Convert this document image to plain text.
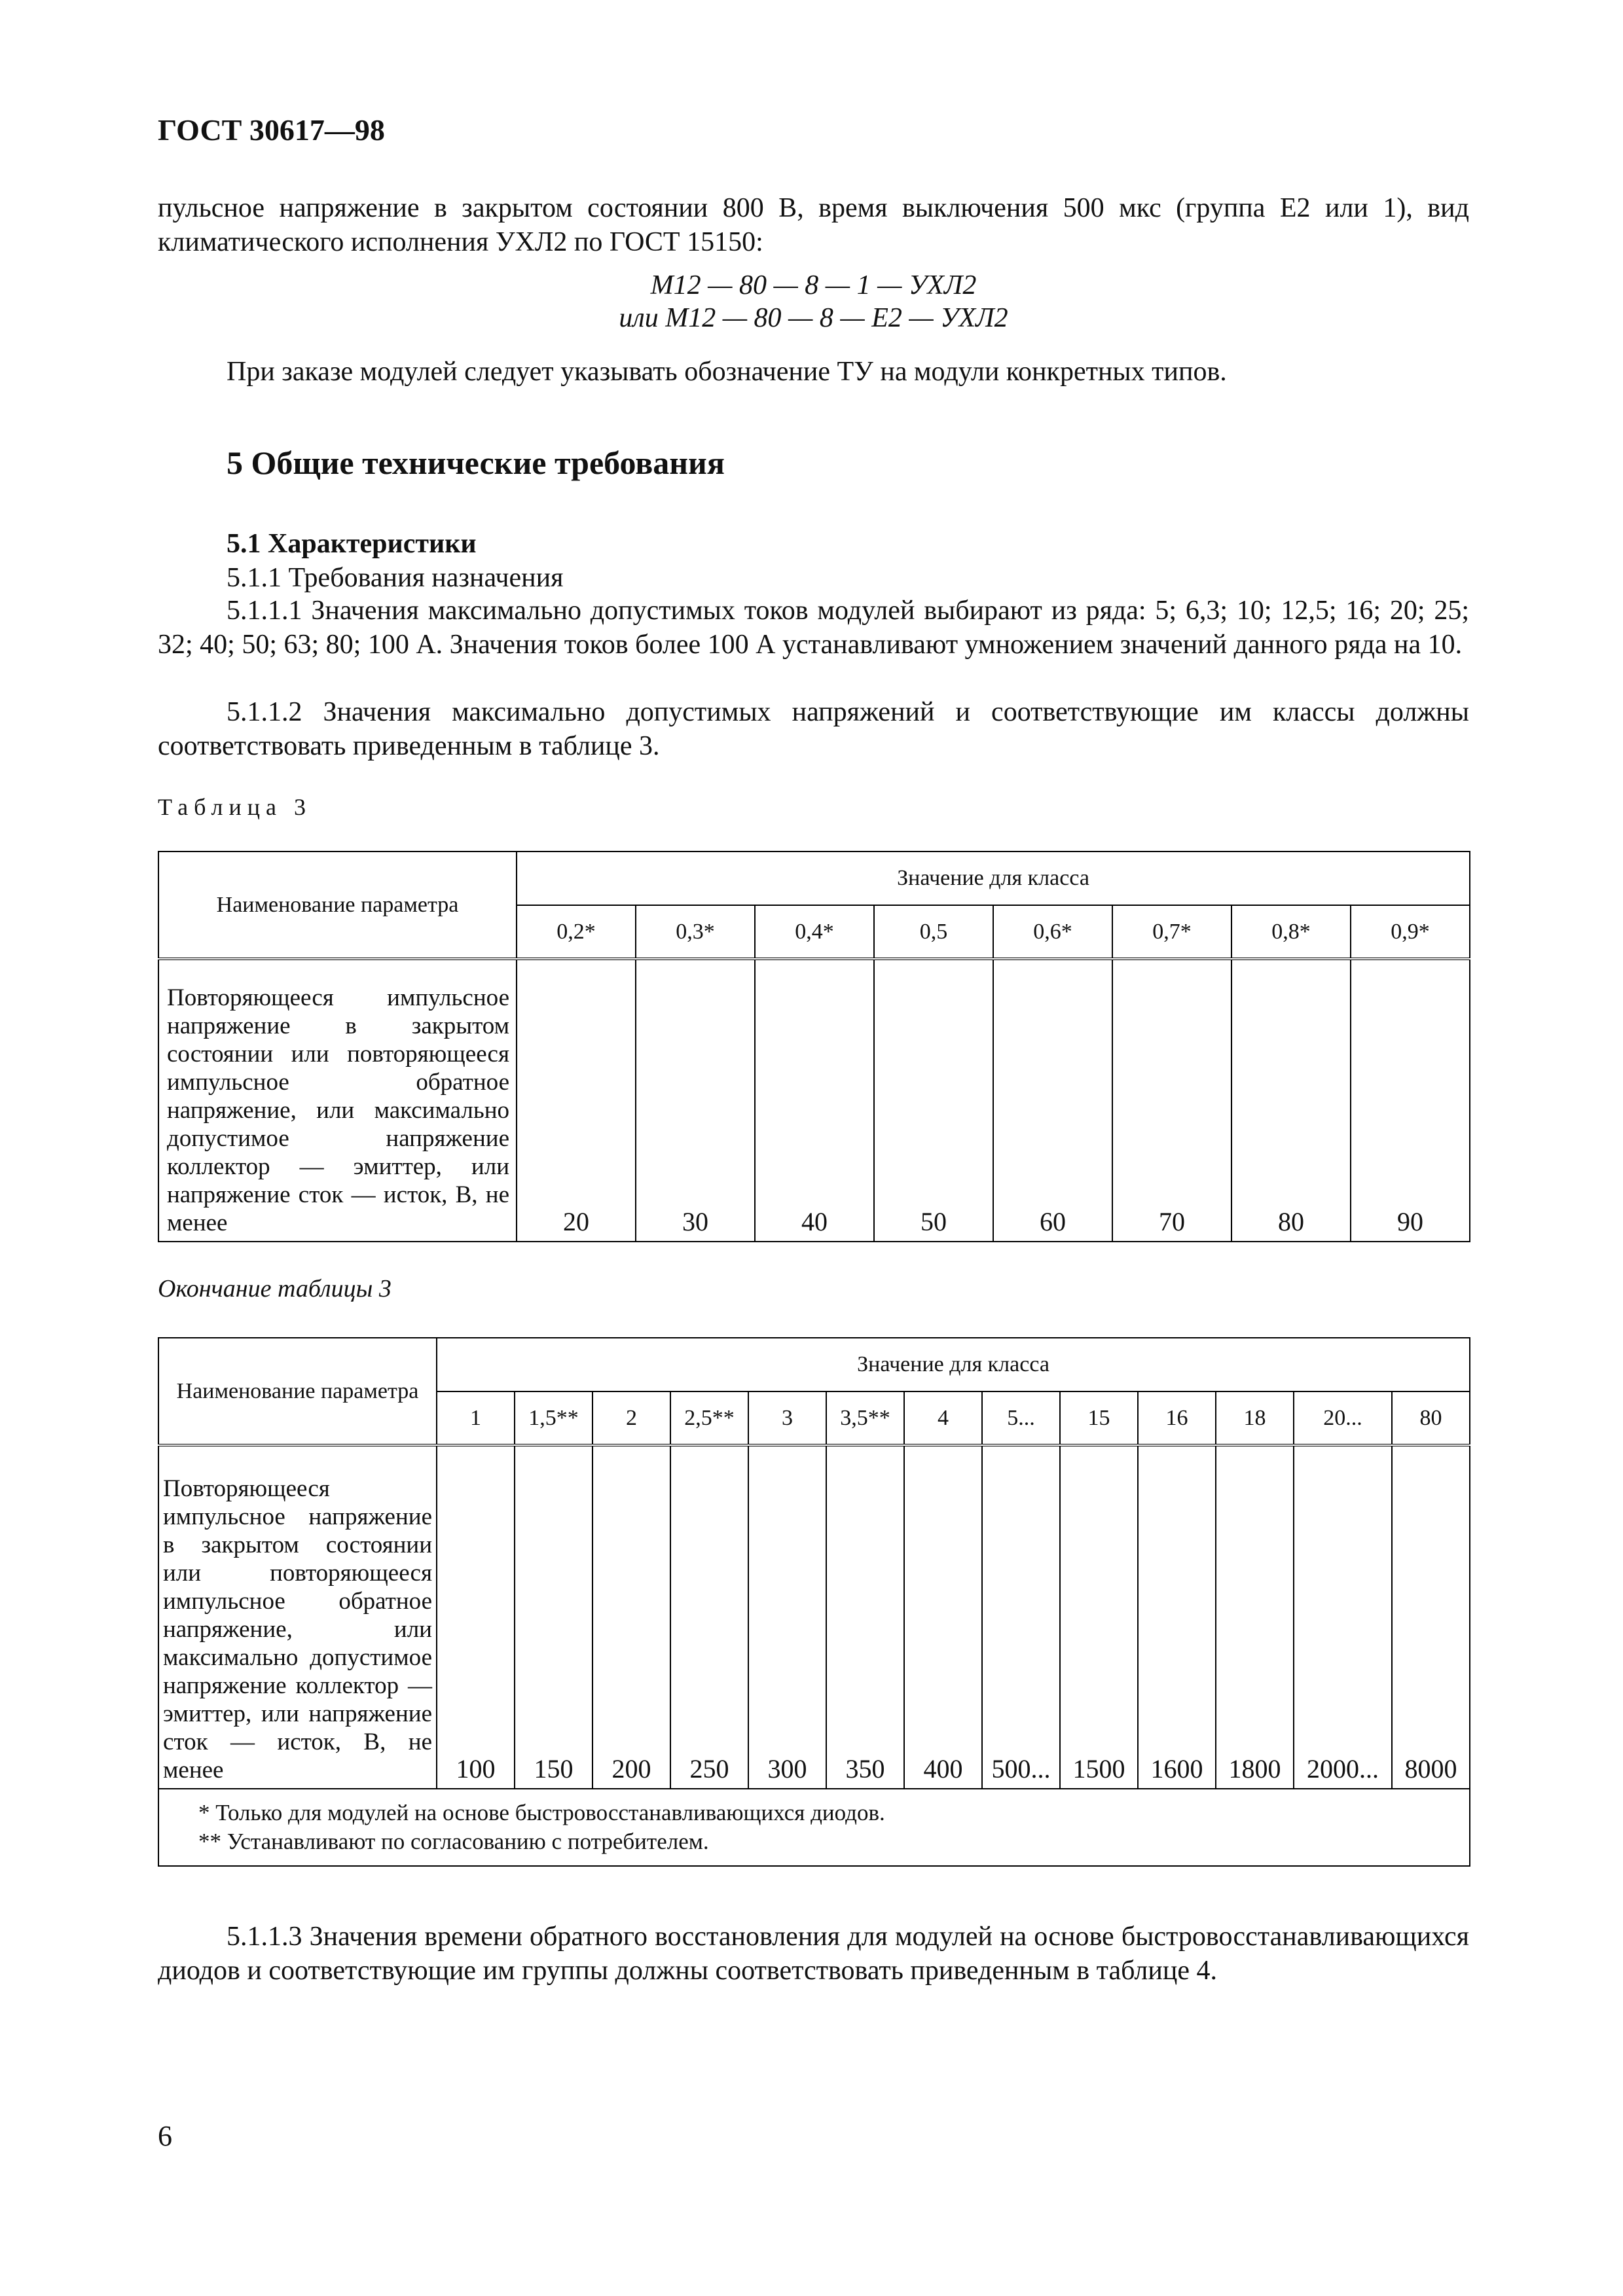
ГОСТ 30617—98

пульсное напряжение в закрытом состоянии 800 В, время выключения 500 мкс (группа Е2 или 1), вид климатического исполнения УХЛ2 по ГОСТ 15150:

М12 — 80 — 8 — 1 — УХЛ2
или М12 — 80 — 8 — Е2 — УХЛ2

При заказе модулей следует указывать обозначение ТУ на модули конкретных типов.

5 Общие технические требования
5.1 Характеристики
5.1.1 Требования назначения

5.1.1.1 Значения максимально допустимых токов модулей выбирают из ряда: 5; 6,3; 10; 12,5; 16; 20; 25; 32; 40; 50; 63; 80; 100 А. Значения токов более 100 А устанавливают умножением значений данного ряда на 10.

5.1.1.2 Значения максимально допустимых напряжений и соответствующие им классы должны соответствовать приведенным в таблице 3.

Таблица 3
Наименование параметра	Значение для класса							
	0,2*	0,3*	0,4*	0,5	0,6*	0,7*	0,8*	0,9*

Повторяющееся импульсное напряжение в закрытом состоянии или повторяющееся импульсное обратное напряжение, или максимально допустимое напряжение коллектор — эмиттер, или напряжение сток — исток, В, не менее	20	30	40	50	60	70	80	90
Окончание таблицы 3
Наименование параметра	Значение для класса												
	1	1,5**	2	2,5**	3	3,5**	4	5...	15	16	18	20...	80

Повторяющееся импульсное напряжение в закрытом состоянии или повторяющееся импульсное обратное напряжение, или максимально допустимое напряжение коллектор — эмиттер, или напряжение сток — исток, В, не менее	100	150	200	250	300	350	400	500...	1500	1600	1800	2000...	8000

* Только для модулей на основе быстровосстанавливающихся диодов.
** Устанавливают по согласованию с потребителем.													

5.1.1.3 Значения времени обратного восстановления для модулей на основе быстровосстанавливающихся диодов и соответствующие им группы должны соответствовать приведенным в таблице 4.

6
